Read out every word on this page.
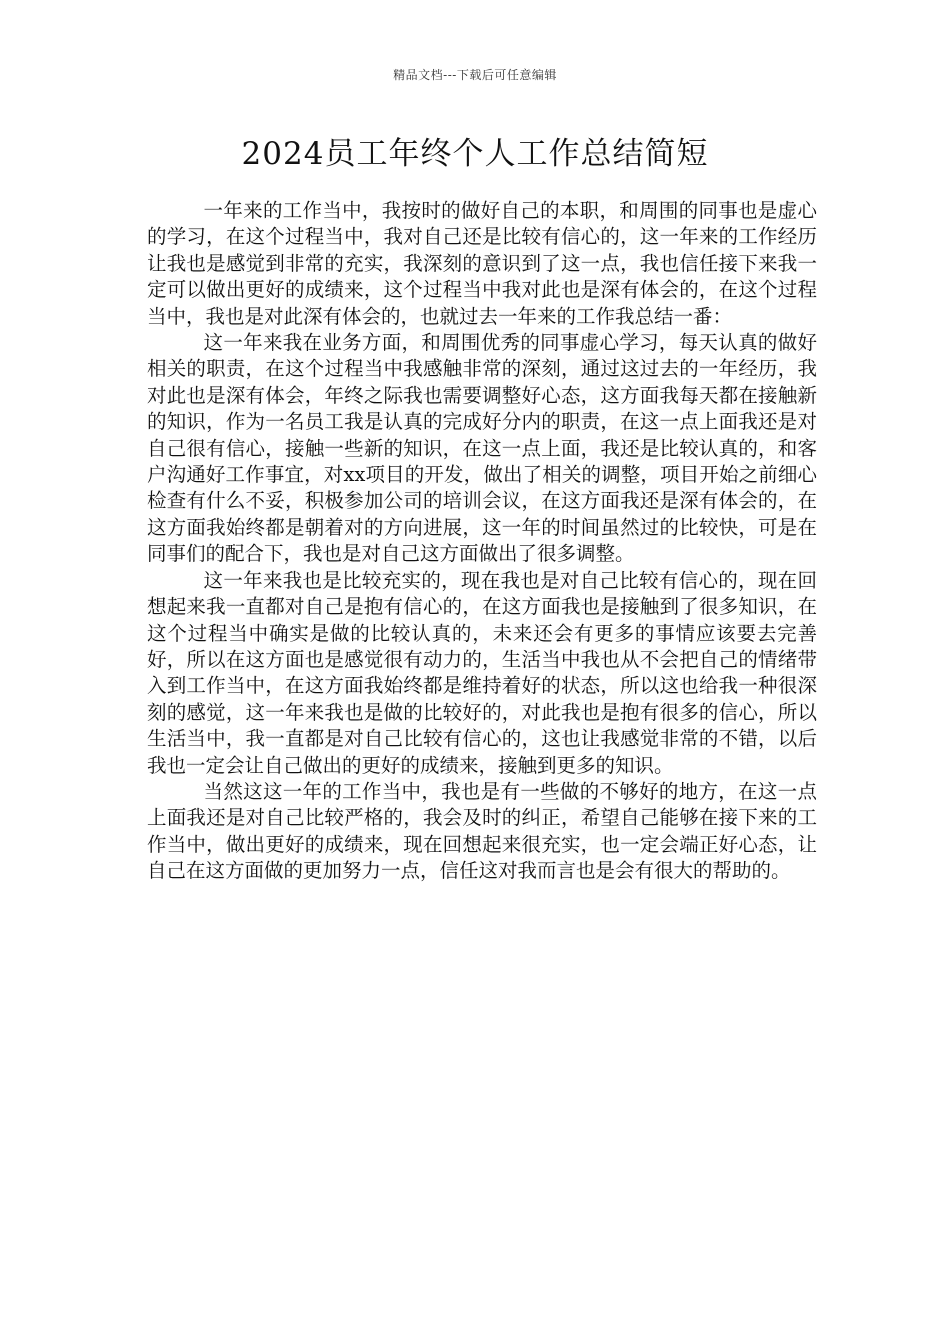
精品文档---下载后可任意编辑
2024员工年终个人工作总结简短

一年来的工作当中，我按时的做好自己的本职，和周围的同事也是虚心的学习，在这个过程当中，我对自己还是比较有信心的，这一年来的工作经历让我也是感觉到非常的充实，我深刻的意识到了这一点，我也信任接下来我一定可以做出更好的成绩来，这个过程当中我对此也是深有体会的，在这个过程当中，我也是对此深有体会的，也就过去一年来的工作我总结一番：

这一年来我在业务方面，和周围优秀的同事虚心学习，每天认真的做好相关的职责，在这个过程当中我感触非常的深刻，通过这过去的一年经历，我对此也是深有体会，年终之际我也需要调整好心态，这方面我每天都在接触新的知识，作为一名员工我是认真的完成好分内的职责，在这一点上面我还是对自己很有信心，接触一些新的知识，在这一点上面，我还是比较认真的，和客户沟通好工作事宜，对xx项目的开发，做出了相关的调整，项目开始之前细心检查有什么不妥，积极参加公司的培训会议，在这方面我还是深有体会的，在这方面我始终都是朝着对的方向进展，这一年的时间虽然过的比较快，可是在同事们的配合下，我也是对自己这方面做出了很多调整。

这一年来我也是比较充实的，现在我也是对自己比较有信心的，现在回想起来我一直都对自己是抱有信心的，在这方面我也是接触到了很多知识，在这个过程当中确实是做的比较认真的，未来还会有更多的事情应该要去完善好，所以在这方面也是感觉很有动力的，生活当中我也从不会把自己的情绪带入到工作当中，在这方面我始终都是维持着好的状态，所以这也给我一种很深刻的感觉，这一年来我也是做的比较好的，对此我也是抱有很多的信心，所以生活当中，我一直都是对自己比较有信心的，这也让我感觉非常的不错，以后我也一定会让自己做出的更好的成绩来，接触到更多的知识。

当然这这一年的工作当中，我也是有一些做的不够好的地方，在这一点上面我还是对自己比较严格的，我会及时的纠正，希望自己能够在接下来的工作当中，做出更好的成绩来，现在回想起来很充实，也一定会端正好心态，让自己在这方面做的更加努力一点，信任这对我而言也是会有很大的帮助的。
